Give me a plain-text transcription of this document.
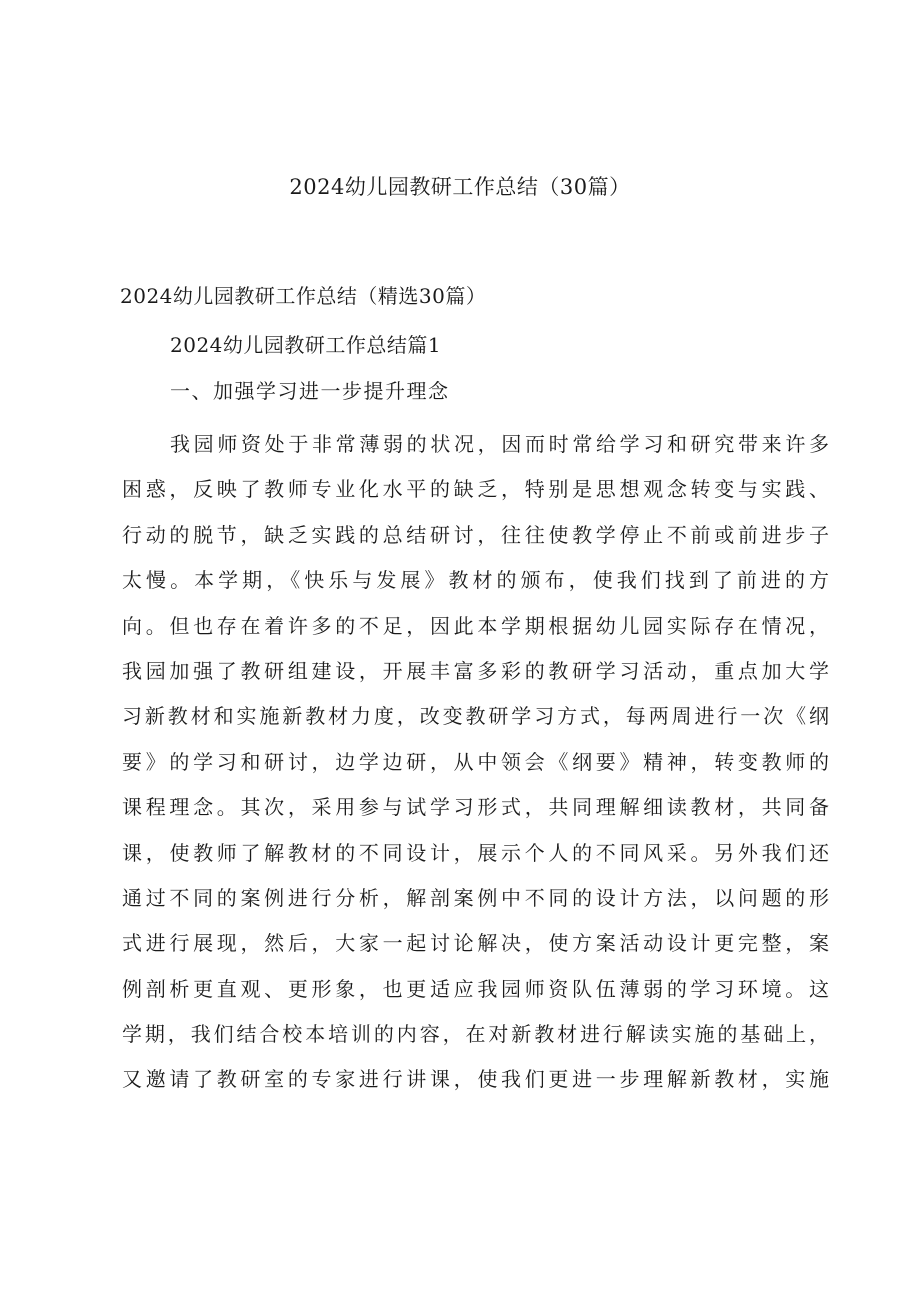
2024幼儿园教研工作总结（30篇）
2024幼儿园教研工作总结（精选30篇）
2024幼儿园教研工作总结篇1
一、加强学习进一步提升理念
我园师资处于非常薄弱的状况，因而时常给学习和研究带来许多
困惑，反映了教师专业化水平的缺乏，特别是思想观念转变与实践、
行动的脱节，缺乏实践的总结研讨，往往使教学停止不前或前进步子
太慢。本学期，《快乐与发展》教材的颁布，使我们找到了前进的方
向。但也存在着许多的不足，因此本学期根据幼儿园实际存在情况，
我园加强了教研组建设，开展丰富多彩的教研学习活动，重点加大学
习新教材和实施新教材力度，改变教研学习方式，每两周进行一次《纲
要》的学习和研讨，边学边研，从中领会《纲要》精神，转变教师的
课程理念。其次，采用参与试学习形式，共同理解细读教材，共同备
课，使教师了解教材的不同设计，展示个人的不同风采。另外我们还
通过不同的案例进行分析，解剖案例中不同的设计方法，以问题的形
式进行展现，然后，大家一起讨论解决，使方案活动设计更完整，案
例剖析更直观、更形象，也更适应我园师资队伍薄弱的学习环境。这
学期，我们结合校本培训的内容，在对新教材进行解读实施的基础上，
又邀请了教研室的专家进行讲课，使我们更进一步理解新教材，实施
